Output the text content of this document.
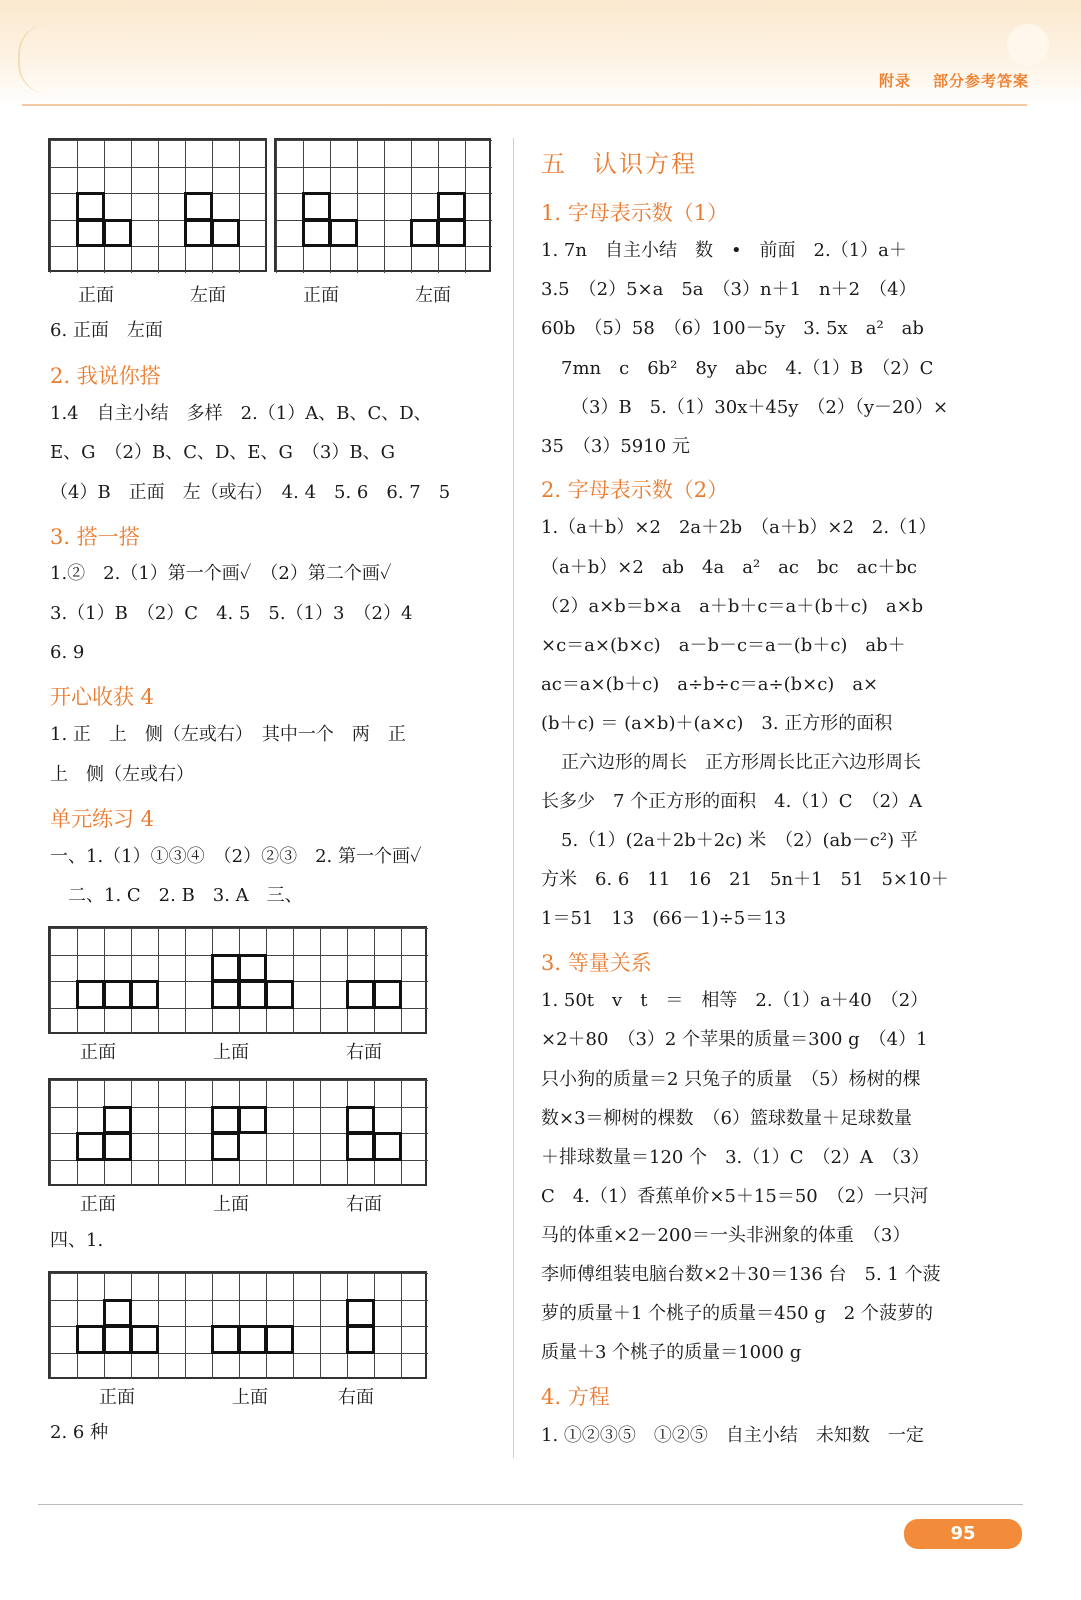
附录 部分参考答案
正面	左面	正面	左面
6. 正面　左面
2. 我说你搭
1.4　自主小结　多样　2.（1）A、B、C、D、
E、G　（2）B、C、D、E、G　（3）B、G
（4）B　正面　左（或右）　4. 4　5. 6　6. 7　5
3. 搭一搭
1.②　2.（1）第一个画✓　（2）第二个画✓
3.（1）B　（2）C　4. 5　5.（1）3　（2）4
6. 9
开心收获 4
1. 正　上　侧（左或右）　其中一个　两　正
上　侧（左或右）
单元练习 4
一、1.（1）①③④　（2）②③　2. 第一个画✓
二、1. C　2. B　3. A　三、
正面	上面	右面
正面	上面	右面
四、1.
正面	上面	右面
2. 6 种
五　认识方程
1. 字母表示数（1）
1. 7n　自主小结　数　•　前面　2.（1）a＋
3.5　（2）5×a　5a　（3）n＋1　n＋2　（4）
60b　（5）58　（6）100－5y　3. 5x　a²　ab
7mn　c　6b²　8y　abc　4.（1）B　（2）C
（3）B　5.（1）30x＋45y　（2）（y－20）×
35　（3）5910 元
2. 字母表示数（2）
1.（a＋b）×2　2a＋2b　（a＋b）×2　2.（1）
（a＋b）×2　ab　4a　a²　ac　bc　ac＋bc
（2）a×b＝b×a　a＋b＋c＝a＋(b＋c)　a×b
×c＝a×(b×c)　a－b－c＝a－(b＋c)　ab＋
ac＝a×(b＋c)　a÷b÷c＝a÷(b×c)　a×
(b＋c) ＝ (a×b)＋(a×c)　3. 正方形的面积
正六边形的周长　正方形周长比正六边形周长
长多少　7 个正方形的面积　4.（1）C　（2）A
5.（1）(2a＋2b＋2c) 米　（2）(ab－c²) 平
方米　6. 6　11　16　21　5n＋1　51　5×10＋
1＝51　13　(66－1)÷5＝13
3. 等量关系
1. 50t　v　t　＝　相等　2.（1）a＋40　（2）
×2＋80　（3）2 个苹果的质量＝300 g　（4）1
只小狗的质量＝2 只兔子的质量　（5）杨树的棵
数×3＝柳树的棵数　（6）篮球数量＋足球数量
＋排球数量＝120 个　3.（1）C　（2）A　（3）
C　4.（1）香蕉单价×5＋15＝50　（2）一只河
马的体重×2－200＝一头非洲象的体重　（3）
李师傅组装电脑台数×2＋30＝136 台　5. 1 个菠
萝的质量＋1 个桃子的质量＝450 g　2 个菠萝的
质量＋3 个桃子的质量＝1000 g
4. 方程
1. ①②③⑤　①②⑤　自主小结　未知数　一定
95
